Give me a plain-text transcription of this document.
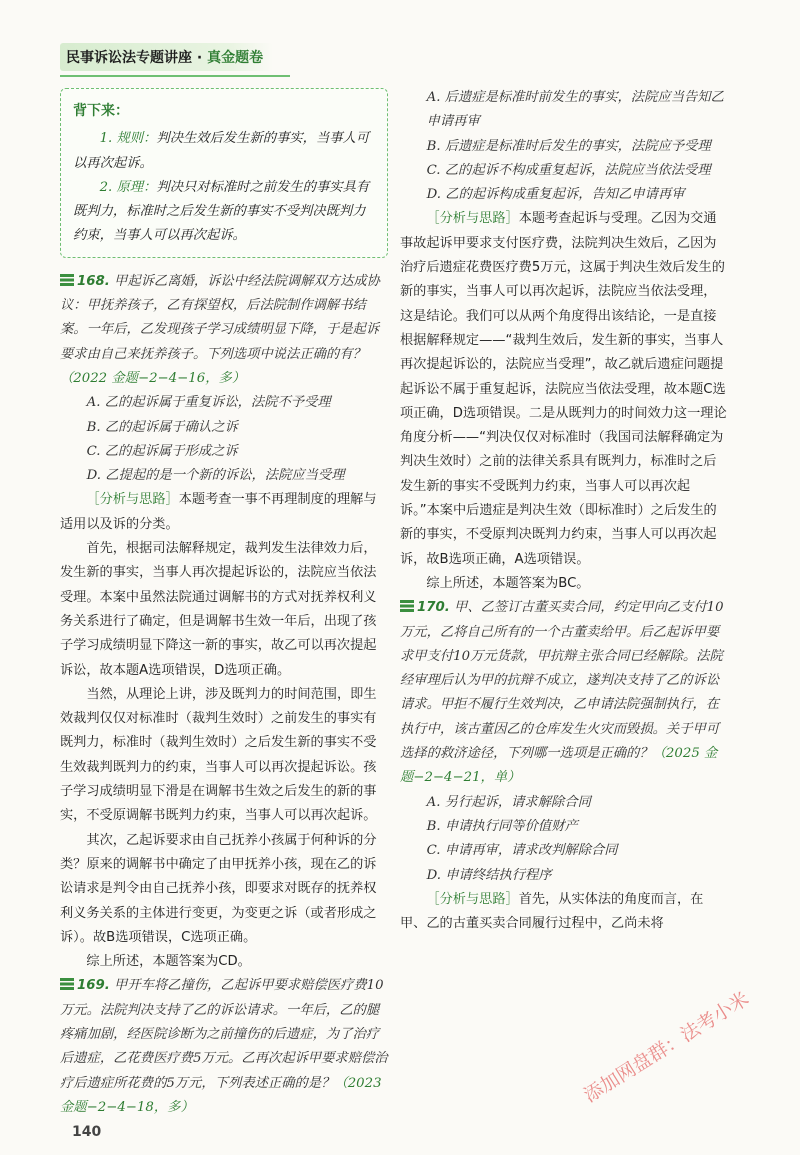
民事诉讼法专题讲座 · 真金题卷
背下来：

1. 规则：判决生效后发生新的事实，当事人可以再次起诉。

2. 原理：判决只对标准时之前发生的事实具有既判力，标准时之后发生新的事实不受判决既判力约束，当事人可以再次起诉。

168. 甲起诉乙离婚，诉讼中经法院调解双方达成协议：甲抚养孩子，乙有探望权，后法院制作调解书结案。一年后，乙发现孩子学习成绩明显下降，于是起诉要求由自己来抚养孩子。下列选项中说法正确的有？（2022 金题−2−4−16，多）

A. 乙的起诉属于重复诉讼，法院不予受理

B. 乙的起诉属于确认之诉

C. 乙的起诉属于形成之诉

D. 乙提起的是一个新的诉讼，法院应当受理

［分析与思路］本题考查一事不再理制度的理解与适用以及诉的分类。

首先，根据司法解释规定，裁判发生法律效力后，发生新的事实，当事人再次提起诉讼的，法院应当依法受理。本案中虽然法院通过调解书的方式对抚养权利义务关系进行了确定，但是调解书生效一年后，出现了孩子学习成绩明显下降这一新的事实，故乙可以再次提起诉讼，故本题A选项错误，D选项正确。

当然，从理论上讲，涉及既判力的时间范围，即生效裁判仅仅对标准时（裁判生效时）之前发生的事实有既判力，标准时（裁判生效时）之后发生新的事实不受生效裁判既判力的约束，当事人可以再次提起诉讼。孩子学习成绩明显下滑是在调解书生效之后发生的新的事实，不受原调解书既判力约束，当事人可以再次起诉。

其次，乙起诉要求由自己抚养小孩属于何种诉的分类？原来的调解书中确定了由甲抚养小孩，现在乙的诉讼请求是判令由自己抚养小孩，即要求对既存的抚养权利义务关系的主体进行变更，为变更之诉（或者形成之诉）。故B选项错误，C选项正确。

综上所述，本题答案为CD。

169. 甲开车将乙撞伤，乙起诉甲要求赔偿医疗费10万元。法院判决支持了乙的诉讼请求。一年后，乙的腿疼痛加剧，经医院诊断为之前撞伤的后遗症，为了治疗后遗症，乙花费医疗费5万元。乙再次起诉甲要求赔偿治疗后遗症所花费的5万元，下列表述正确的是？（2023 金题−2−4−18，多）

A. 后遗症是标准时前发生的事实，法院应当告知乙申请再审

B. 后遗症是标准时后发生的事实，法院应予受理

C. 乙的起诉不构成重复起诉，法院应当依法受理

D. 乙的起诉构成重复起诉，告知乙申请再审

［分析与思路］本题考查起诉与受理。乙因为交通事故起诉甲要求支付医疗费，法院判决生效后，乙因为治疗后遗症花费医疗费5万元，这属于判决生效后发生的新的事实，当事人可以再次起诉，法院应当依法受理，这是结论。我们可以从两个角度得出该结论，一是直接根据解释规定——“裁判生效后，发生新的事实，当事人再次提起诉讼的，法院应当受理”，故乙就后遗症问题提起诉讼不属于重复起诉，法院应当依法受理，故本题C选项正确，D选项错误。二是从既判力的时间效力这一理论角度分析——“判决仅仅对标准时（我国司法解释确定为判决生效时）之前的法律关系具有既判力，标准时之后发生新的事实不受既判力约束，当事人可以再次起诉。”本案中后遗症是判决生效（即标准时）之后发生的新的事实，不受原判决既判力约束，当事人可以再次起诉，故B选项正确，A选项错误。

综上所述，本题答案为BC。

170. 甲、乙签订古董买卖合同，约定甲向乙支付10万元，乙将自己所有的一个古董卖给甲。后乙起诉甲要求甲支付10万元货款，甲抗辩主张合同已经解除。法院经审理后认为甲的抗辩不成立，遂判决支持了乙的诉讼请求。甲拒不履行生效判决，乙申请法院强制执行，在执行中，该古董因乙的仓库发生火灾而毁损。关于甲可选择的救济途径，下列哪一选项是正确的？（2025 金题−2−4−21，单）

A. 另行起诉，请求解除合同

B. 申请执行同等价值财产

C. 申请再审，请求改判解除合同

D. 申请终结执行程序

［分析与思路］首先，从实体法的角度而言，在甲、乙的古董买卖合同履行过程中，乙尚未将

140
添加网盘群：法考小米
